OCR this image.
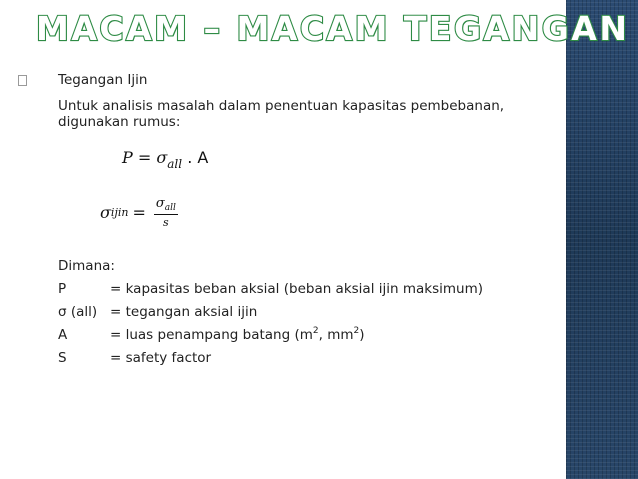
MACAM – MACAM TEGANGAN
Tegangan Ijin
Untuk analisis masalah dalam penentuan kapasitas pembebanan,
digunakan rumus:
$P = \sigma_{all}$ . A
σ ijin = $\frac{\sigma_{all}}{s}$
Dimana:
P	= kapasitas beban aksial (beban aksial ijin maksimum)
σ (all) = tegangan aksial ijin
A	= luas penampang batang ($m^2$, $mm^2$)
S	= safety factor
